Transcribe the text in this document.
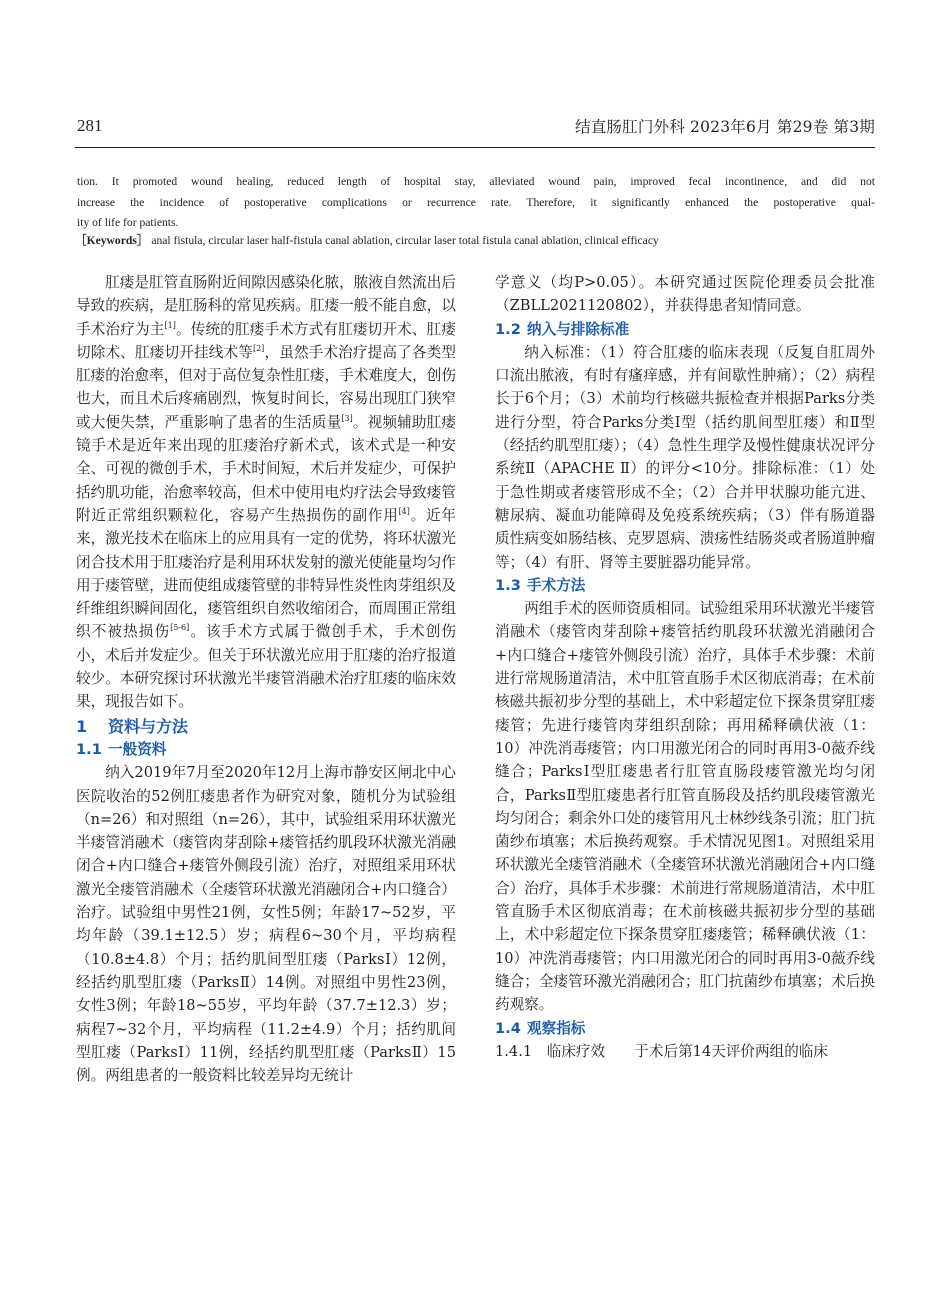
281	结直肠肛门外科 2023年6月 第29卷 第3期
tion. It promoted wound healing, reduced length of hospital stay, alleviated wound pain, improved fecal incontinence, and did not
increase the incidence of postoperative complications or recurrence rate. Therefore, it significantly enhanced the postoperative qual-
ity of life for patients.
［Keywords］ anal fistula, circular laser half-fistula canal ablation, circular laser total fistula canal ablation, clinical efficacy

肛瘘是肛管直肠附近间隙因感染化脓，脓液自然流出后导致的疾病，是肛肠科的常见疾病。肛瘘一般不能自愈，以手术治疗为主[1]。传统的肛瘘手术方式有肛瘘切开术、肛瘘切除术、肛瘘切开挂线术等[2]，虽然手术治疗提高了各类型肛瘘的治愈率，但对于高位复杂性肛瘘，手术难度大，创伤也大，而且术后疼痛剧烈，恢复时间长，容易出现肛门狭窄或大便失禁，严重影响了患者的生活质量[3]。视频辅助肛瘘镜手术是近年来出现的肛瘘治疗新术式，该术式是一种安全、可视的微创手术，手术时间短，术后并发症少，可保护括约肌功能，治愈率较高，但术中使用电灼疗法会导致瘘管附近正常组织颗粒化，容易产生热损伤的副作用[4]。近年来，激光技术在临床上的应用具有一定的优势，将环状激光闭合技术用于肛瘘治疗是利用环状发射的激光使能量均匀作用于瘘管壁，进而使组成瘘管壁的非特异性炎性肉芽组织及纤维组织瞬间固化，瘘管组织自然收缩闭合，而周围正常组织不被热损伤[5-6]。该手术方式属于微创手术，手术创伤小，术后并发症少。但关于环状激光应用于肛瘘的治疗报道较少。本研究探讨环状激光半瘘管消融术治疗肛瘘的临床效果，现报告如下。

1 资料与方法
1.1 一般资料

纳入2019年7月至2020年12月上海市静安区闸北中心医院收治的52例肛瘘患者作为研究对象，随机分为试验组（n=26）和对照组（n=26），其中，试验组采用环状激光半瘘管消融术（瘘管肉芽刮除+瘘管括约肌段环状激光消融闭合+内口缝合+瘘管外侧段引流）治疗，对照组采用环状激光全瘘管消融术（全瘘管环状激光消融闭合+内口缝合）治疗。试验组中男性21例，女性5例；年龄17~52岁，平均年龄（39.1±12.5）岁；病程6~30个月，平均病程（10.8±4.8）个月；括约肌间型肛瘘（ParksⅠ）12例，经括约肌型肛瘘（ParksⅡ）14例。对照组中男性23例，女性3例；年龄18~55岁，平均年龄（37.7±12.3）岁；病程7~32个月，平均病程（11.2±4.9）个月；括约肌间型肛瘘（ParksⅠ）11例，经括约肌型肛瘘（ParksⅡ）15例。两组患者的一般资料比较差异均无统计

学意义（均P>0.05）。本研究通过医院伦理委员会批准（ZBLL2021120802），并获得患者知情同意。

1.2 纳入与排除标准

纳入标准：（1）符合肛瘘的临床表现（反复自肛周外口流出脓液，有时有瘙痒感，并有间歇性肿痛）；（2）病程长于6个月；（3）术前均行核磁共振检查并根据Parks分类进行分型，符合Parks分类Ⅰ型（括约肌间型肛瘘）和Ⅱ型（经括约肌型肛瘘）；（4）急性生理学及慢性健康状况评分系统Ⅱ（APACHE Ⅱ）的评分<10分。排除标准：（1）处于急性期或者瘘管形成不全；（2）合并甲状腺功能亢进、糖尿病、凝血功能障碍及免疫系统疾病；（3）伴有肠道器质性病变如肠结核、克罗恩病、溃疡性结肠炎或者肠道肿瘤等；（4）有肝、肾等主要脏器功能异常。

1.3 手术方法

两组手术的医师资质相同。试验组采用环状激光半瘘管消融术（瘘管肉芽刮除+瘘管括约肌段环状激光消融闭合+内口缝合+瘘管外侧段引流）治疗，具体手术步骤：术前进行常规肠道清洁，术中肛管直肠手术区彻底消毒；在术前核磁共振初步分型的基础上，术中彩超定位下探条贯穿肛瘘瘘管；先进行瘘管肉芽组织刮除；再用稀释碘伏液（1：10）冲洗消毒瘘管；内口用激光闭合的同时再用3-0薇乔线缝合；ParksⅠ型肛瘘患者行肛管直肠段瘘管激光均匀闭合，ParksⅡ型肛瘘患者行肛管直肠段及括约肌段瘘管激光均匀闭合；剩余外口处的瘘管用凡士林纱线条引流；肛门抗菌纱布填塞；术后换药观察。手术情况见图1。对照组采用环状激光全瘘管消融术（全瘘管环状激光消融闭合+内口缝合）治疗，具体手术步骤：术前进行常规肠道清洁，术中肛管直肠手术区彻底消毒；在术前核磁共振初步分型的基础上，术中彩超定位下探条贯穿肛瘘瘘管；稀释碘伏液（1：10）冲洗消毒瘘管；内口用激光闭合的同时再用3-0薇乔线缝合；全瘘管环激光消融闭合；肛门抗菌纱布填塞；术后换药观察。

1.4 观察指标

1.4.1　临床疗效　　于术后第14天评价两组的临床
